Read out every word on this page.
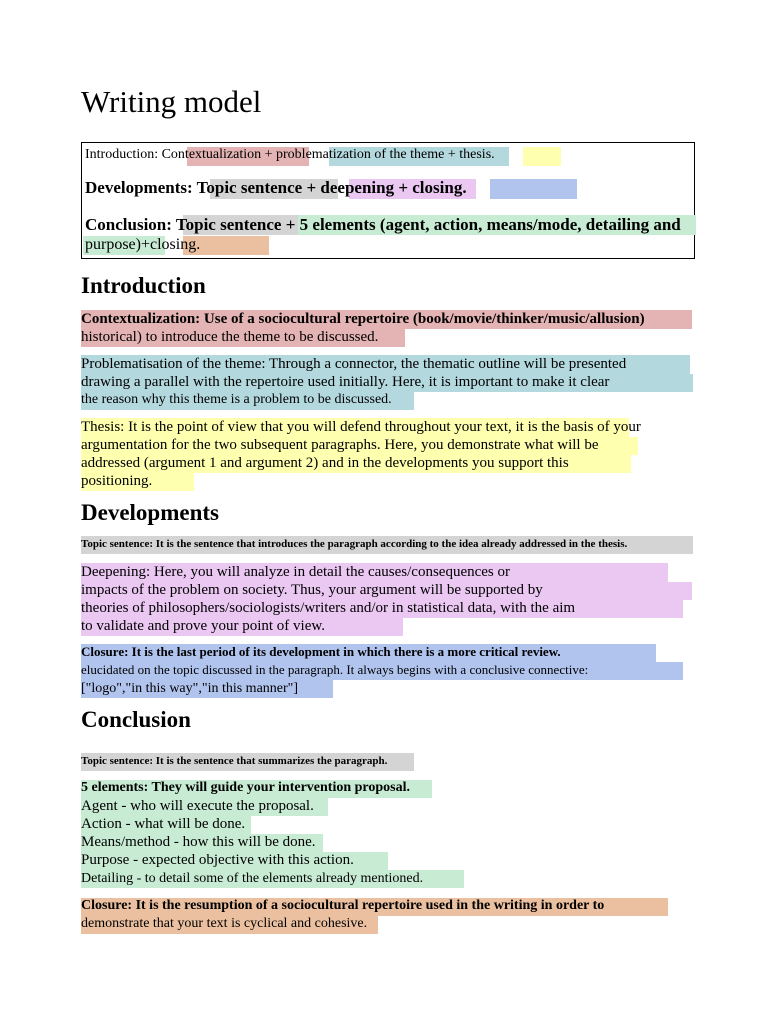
Writing model
Introduction: Contextualization + problematization of the theme + thesis.
Developments: Topic sentence + deepening + closing.
Conclusion: Topic sentence + 5 elements (agent, action, means/mode, detailing and
purpose)+closing.
Introduction
Contextualization: Use of a sociocultural repertoire (book/movie/thinker/music/allusion)
historical) to introduce the theme to be discussed.
Problematisation of the theme: Through a connector, the thematic outline will be presented
drawing a parallel with the repertoire used initially. Here, it is important to make it clear
the reason why this theme is a problem to be discussed.
Thesis: It is the point of view that you will defend throughout your text, it is the basis of your
argumentation for the two subsequent paragraphs. Here, you demonstrate what will be
addressed (argument 1 and argument 2) and in the developments you support this
positioning.
Developments
Topic sentence: It is the sentence that introduces the paragraph according to the idea already addressed in the thesis.
Deepening: Here, you will analyze in detail the causes/consequences or
impacts of the problem on society. Thus, your argument will be supported by
theories of philosophers/sociologists/writers and/or in statistical data, with the aim
to validate and prove your point of view.
Closure: It is the last period of its development in which there is a more critical review.
elucidated on the topic discussed in the paragraph. It always begins with a conclusive connective:
["logo","in this way","in this manner"]
Conclusion
Topic sentence: It is the sentence that summarizes the paragraph.
5 elements: They will guide your intervention proposal.
Agent - who will execute the proposal.
Action - what will be done.
Means/method - how this will be done.
Purpose - expected objective with this action.
Detailing - to detail some of the elements already mentioned.
Closure: It is the resumption of a sociocultural repertoire used in the writing in order to
demonstrate that your text is cyclical and cohesive.
